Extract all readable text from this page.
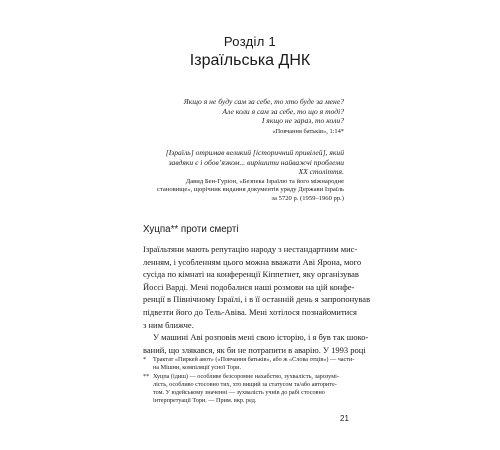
Розділ 1
Ізраїльська ДНК
Якщо я не буду сам за себе, то хто буде за мене?
Але коли я сам за себе, то що я тоді?
І якщо не зараз, то коли?
«Повчання батьків», 1:14*
[Ізраїль] отримав великий [історичний привілей], який
завдяки є і обов’язком... вирішити найважчі проблеми
XX століття.
Давид Бен-Гуріон, «Безпека Ізраїлю та його міжнародне
становище», щорічник видання документів уряду Держави Ізраїль
за 5720 р. (1959–1960 рр.)
Хуцпа** проти смерті

Ізраїльтяни мають репутацію народу з нестандартним мис-
ленням, і усобленням цього можна вважати Аві Ярона, мого
сусіда по кімнаті на конференції Кіппетнет, яку організував
Йоссі Варді. Мені подобалися наші розмови на цій конфе-
ренції в Північному Ізраїлі, і в її останній день я запропонував
підвезти його до Тель-Авіва. Мені хотілося познайомитися
з ним ближче.

У машині Аві розповів мені свою історію, і я був так шоко-
ваний, що злякався, як би не потрапити в аварію. У 1993 році

* Трактат «Пиркей авот» («Повчання батьків», або ж «Слова отців») — части-
на Мішни, компіляції усної Тори.
** Хуцпа (ідиш) — особливе безсоромне нахабство, зухвалість, зарозумі-
лість, особливо стосовно тих, хто вищий за статусом та/або авторите-
том. У юдейському значенні — зухвалість учнів до рабі стосовно
інтерпретуації Тори. — Прим. вкр. ред.
21
